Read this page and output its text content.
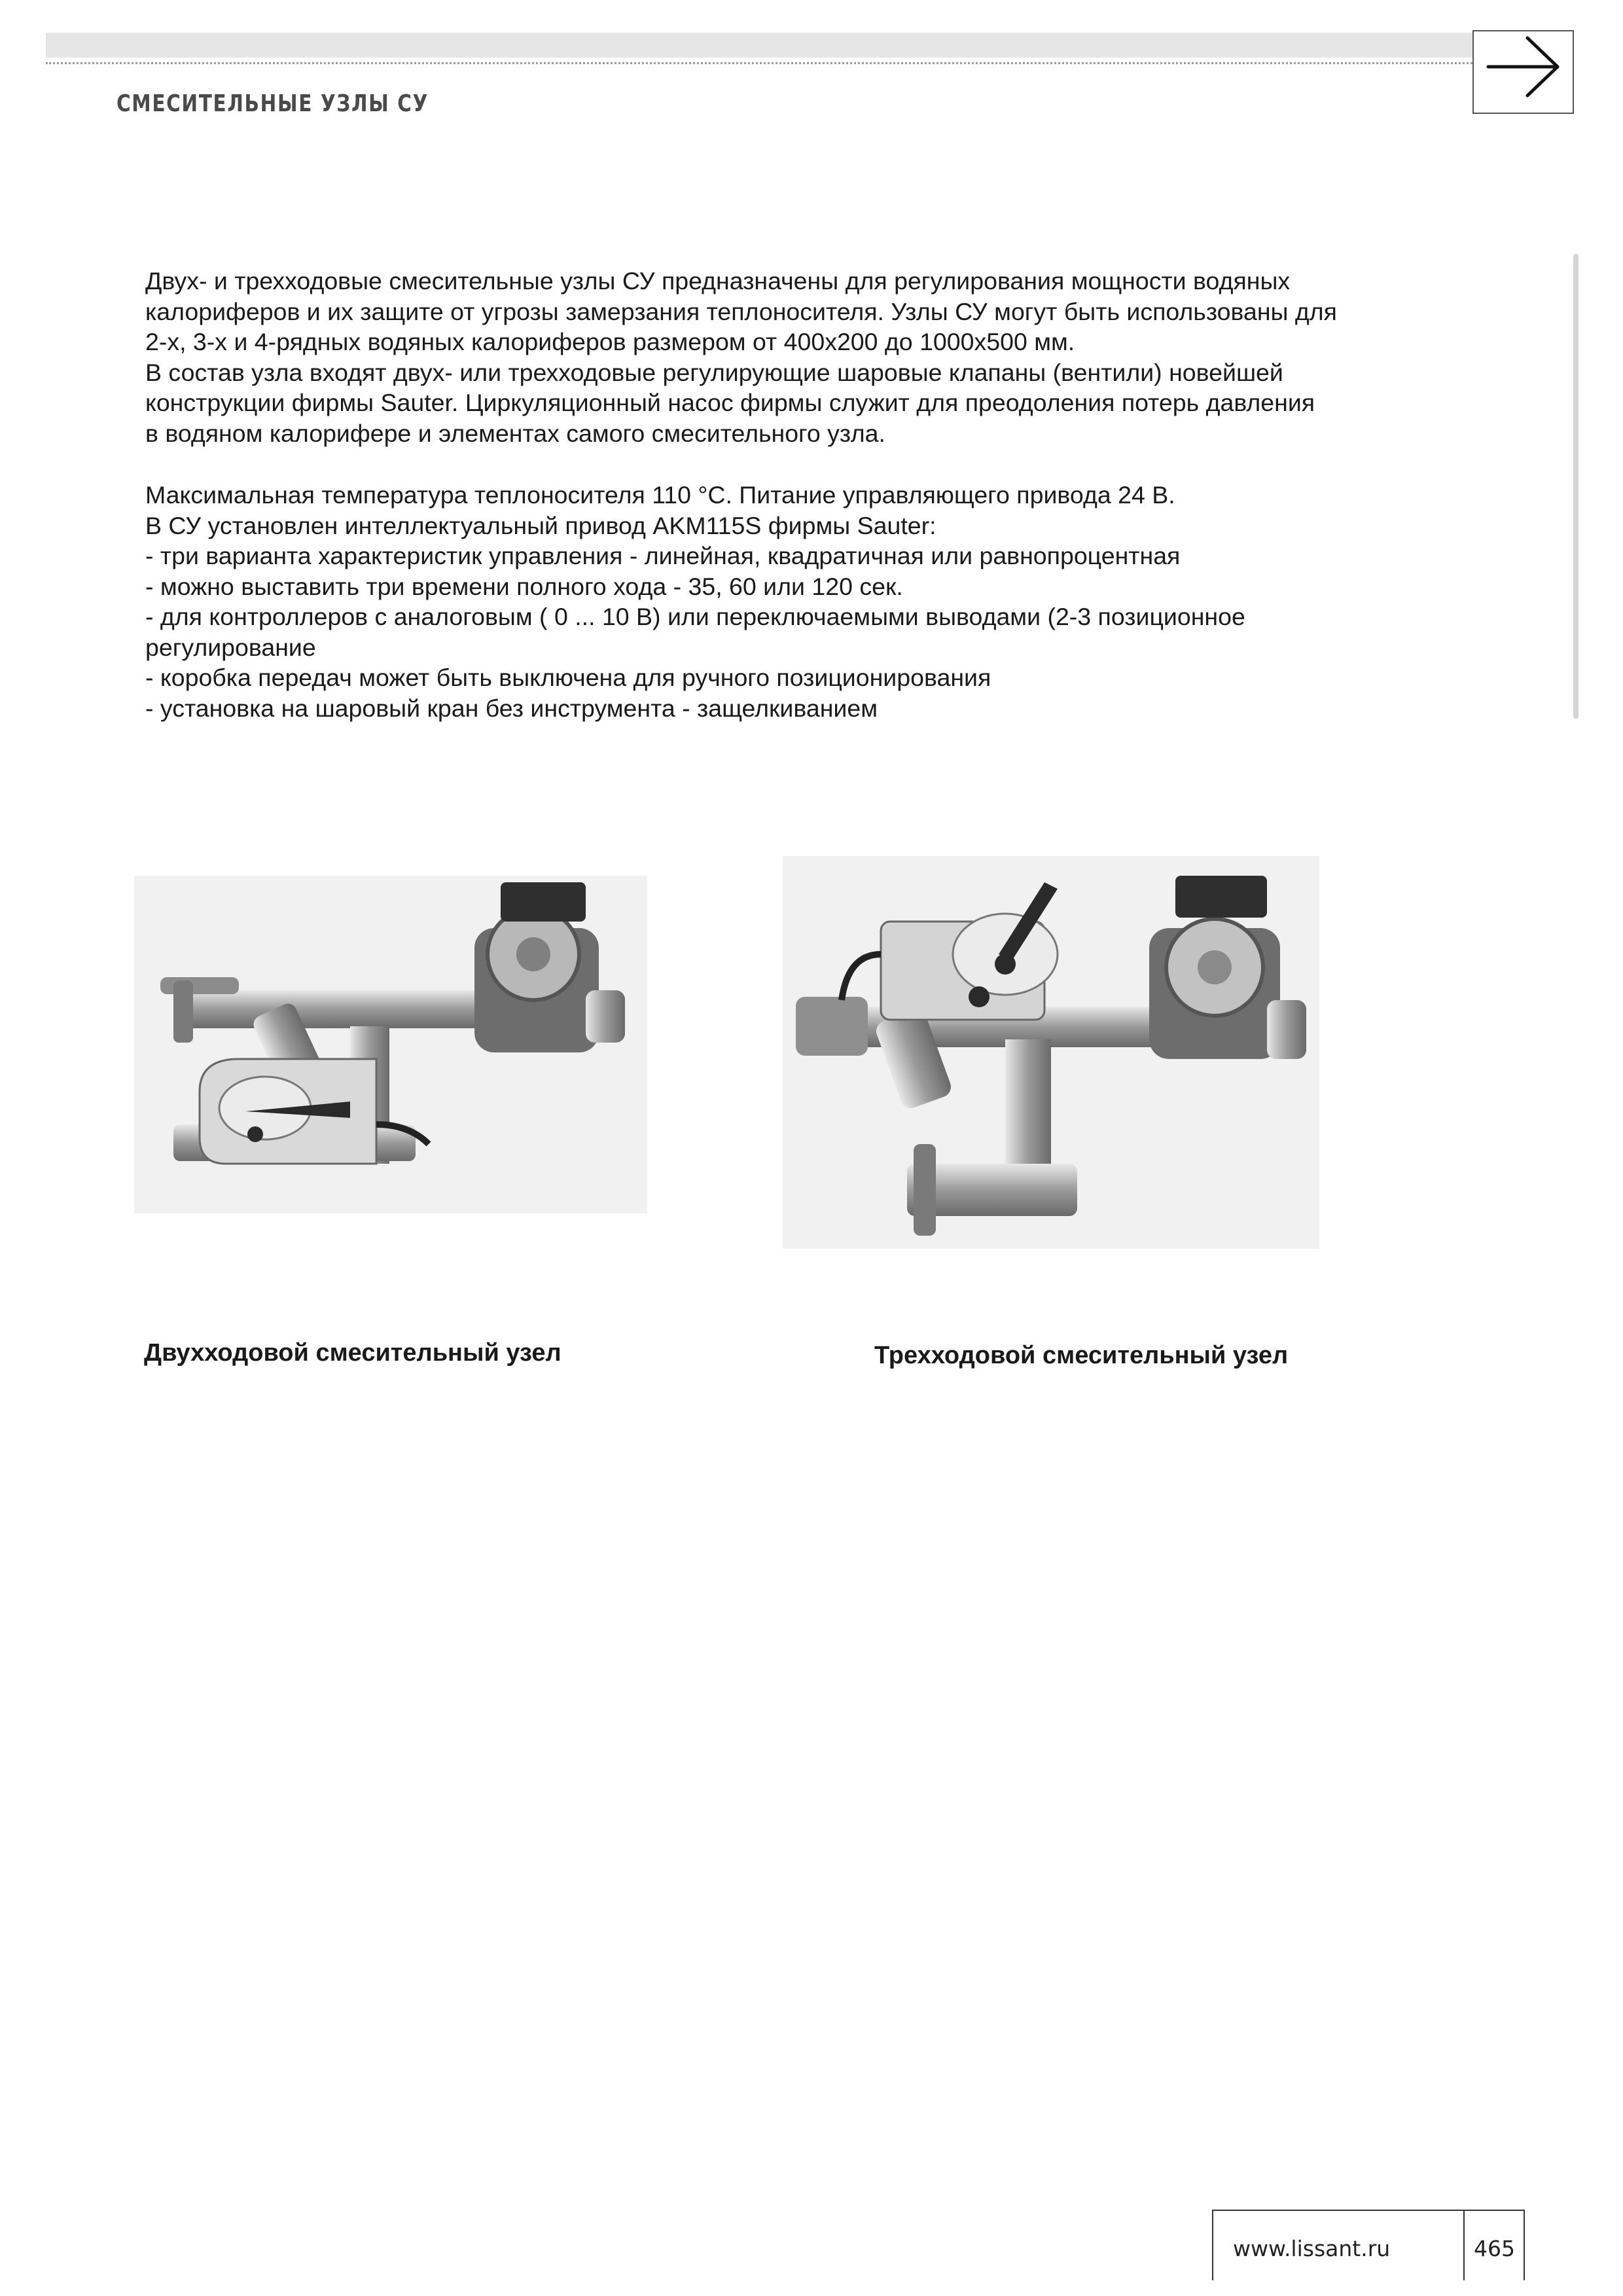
СМЕСИТЕЛЬНЫЕ УЗЛЫ СУ
Двух- и трехходовые смесительные узлы СУ предназначены для регулирования мощности водяных
калориферов и их защите от угрозы замерзания теплоносителя. Узлы СУ могут быть использованы для
2-х, 3-х и 4-рядных водяных калориферов размером от 400х200 до 1000х500 мм.
В состав узла входят двух- или трехходовые регулирующие шаровые клапаны (вентили) новейшей
конструкции фирмы Sauter. Циркуляционный насос фирмы служит для преодоления потерь давления
в водяном калорифере и элементах самого смесительного узла.
Максимальная температура теплоносителя 110 °С. Питание управляющего привода 24 В.
В СУ установлен интеллектуальный привод AKM115S фирмы Sauter:
- три варианта характеристик управления - линейная, квадратичная или равнопроцентная
- можно выставить три времени полного хода - 35, 60 или 120 сек.
- для контроллеров с аналоговым ( 0 ... 10 В) или переключаемыми выводами (2-3 позиционное
регулирование
- коробка передач может быть выключена для ручного позиционирования
- установка на шаровый кран без инструмента - защелкиванием
Двухходовой смесительный узел	Трехходовой смесительный узел
www.lissant.ru	465
